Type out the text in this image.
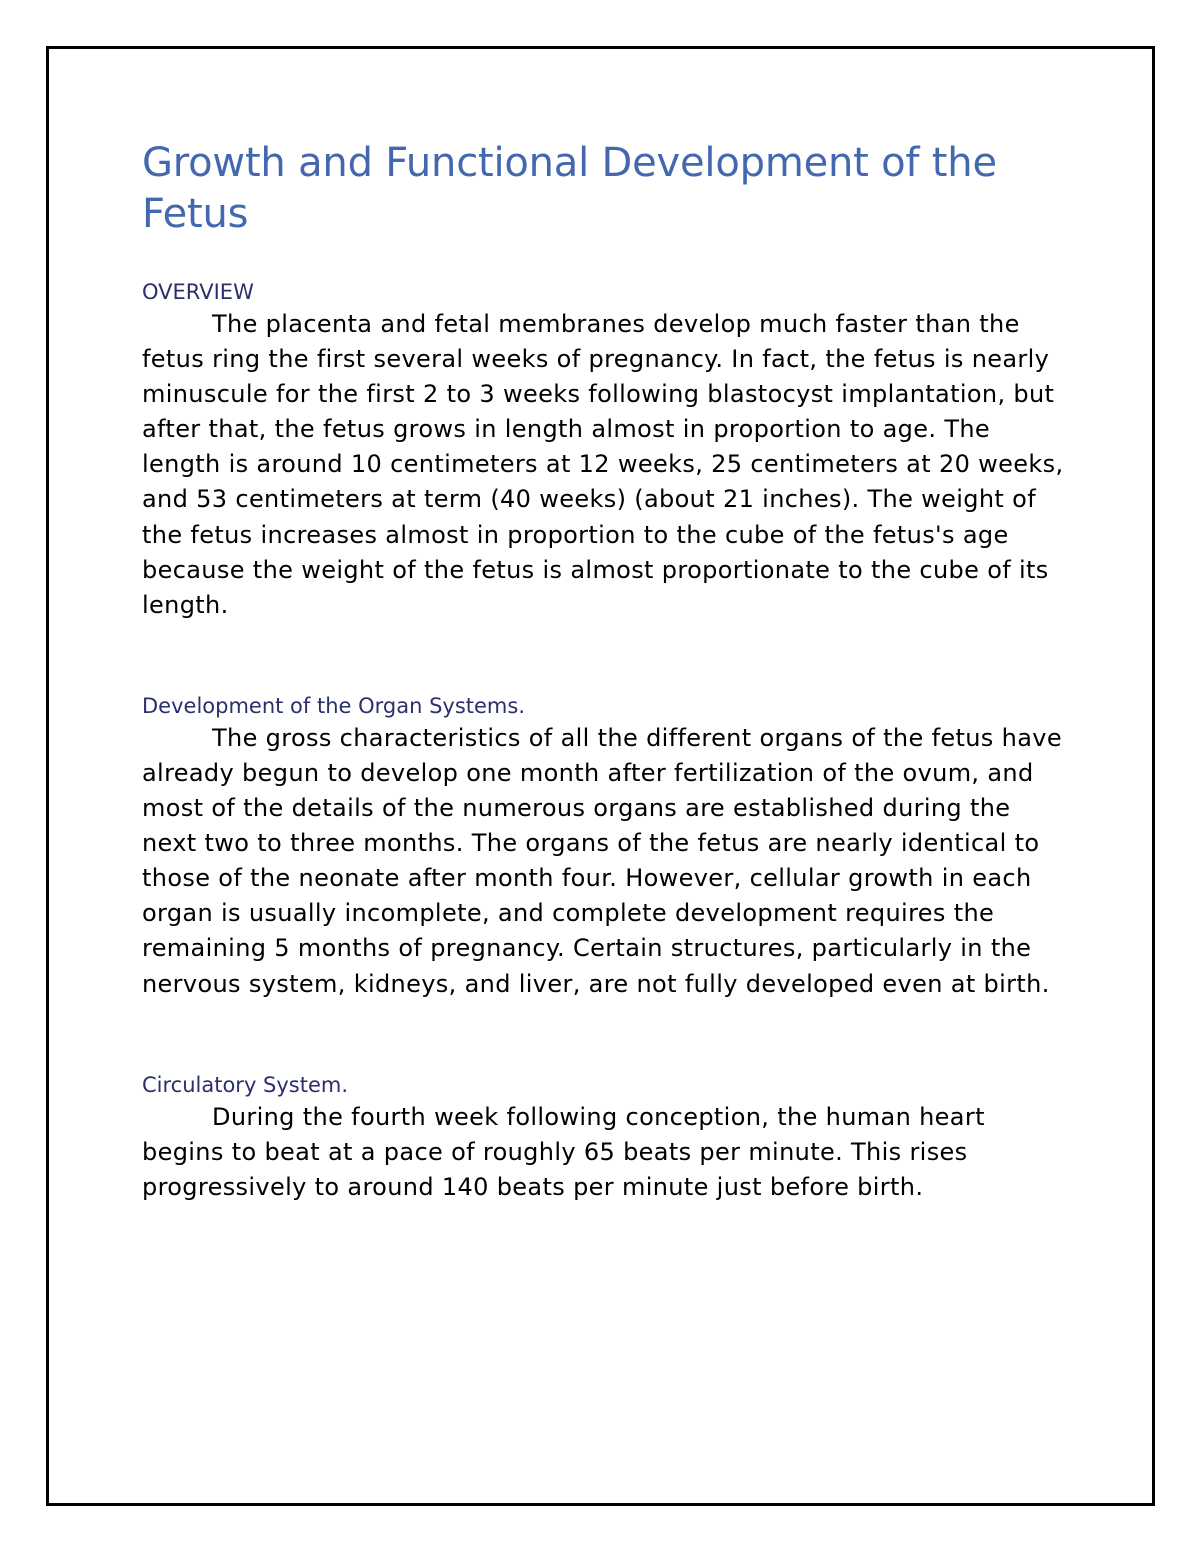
Growth and Functional Development of the Fetus
OVERVIEW

The placenta and fetal membranes develop much faster than the fetus ring the first several weeks of pregnancy. In fact, the fetus is nearly minuscule for the first 2 to 3 weeks following blastocyst implantation, but after that, the fetus grows in length almost in proportion to age. The length is around 10 centimeters at 12 weeks, 25 centimeters at 20 weeks, and 53 centimeters at term (40 weeks) (about 21 inches). The weight of the fetus increases almost in proportion to the cube of the fetus's age because the weight of the fetus is almost proportionate to the cube of its length.

Development of the Organ Systems.

The gross characteristics of all the different organs of the fetus have already begun to develop one month after fertilization of the ovum, and most of the details of the numerous organs are established during the next two to three months. The organs of the fetus are nearly identical to those of the neonate after month four. However, cellular growth in each organ is usually incomplete, and complete development requires the remaining 5 months of pregnancy. Certain structures, particularly in the nervous system, kidneys, and liver, are not fully developed even at birth.

Circulatory System.

During the fourth week following conception, the human heart begins to beat at a pace of roughly 65 beats per minute. This rises progressively to around 140 beats per minute just before birth.
